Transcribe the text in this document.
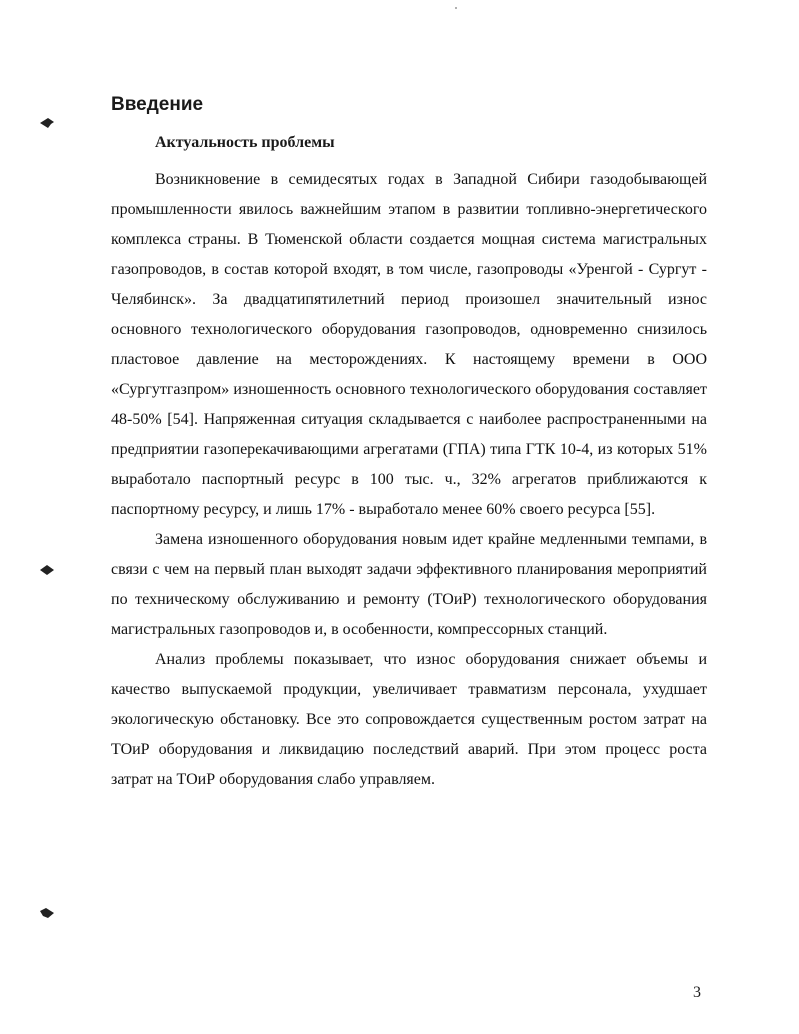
Введение
Актуальность проблемы

Возникновение в семидесятых годах в Западной Сибири газодобывающей промышленности явилось важнейшим этапом в развитии топливно-энергетического комплекса страны. В Тюменской области создается мощная система магистральных газопроводов, в состав которой входят, в том числе, газопроводы «Уренгой - Сургут - Челябинск». За двадцатипятилетний период произошел значительный износ основного технологического оборудования газопроводов, одновременно снизилось пластовое давление на месторождениях. К настоящему времени в ООО «Сургутгазпром» изношенность основного технологического оборудования составляет 48-50% [54]. Напряженная ситуация складывается с наиболее распространенными на предприятии газоперекачивающими агрегатами (ГПА) типа ГТК 10-4, из которых 51% выработало паспортный ресурс в 100 тыс. ч., 32% агрегатов приближаются к паспортному ресурсу, и лишь 17% - выработало менее 60% своего ресурса [55].

Замена изношенного оборудования новым идет крайне медленными темпами, в связи с чем на первый план выходят задачи эффективного планирования мероприятий по техническому обслуживанию и ремонту (ТОиР) технологического оборудования магистральных газопроводов и, в особенности, компрессорных станций.

Анализ проблемы показывает, что износ оборудования снижает объемы и качество выпускаемой продукции, увеличивает травматизм персонала, ухудшает экологическую обстановку. Все это сопровождается существенным ростом затрат на ТОиР оборудования и ликвидацию последствий аварий. При этом процесс роста затрат на ТОиР оборудования слабо управляем.

3
